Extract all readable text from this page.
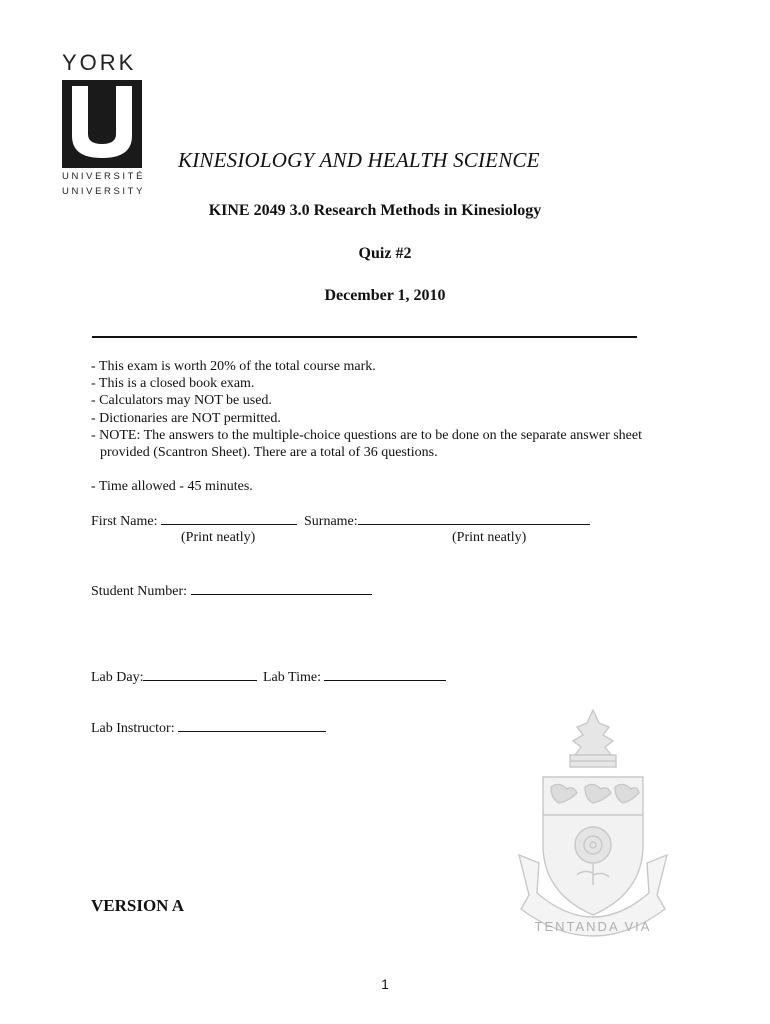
YORK
UNIVERSITÉ
UNIVERSITY
KINESIOLOGY AND HEALTH SCIENCE
KINE 2049 3.0 Research Methods in Kinesiology
Quiz #2
December 1, 2010
- This exam is worth 20% of the total course mark.
- This is a closed book exam.
- Calculators may NOT be used.
- Dictionaries are NOT permitted.
- NOTE: The answers to the multiple-choice questions are to be done on the separate answer sheet
provided (Scantron Sheet). There are a total of 36 questions.
- Time allowed - 45 minutes.
First Name:	Surname:
(Print neatly)	(Print neatly)
Student Number:
Lab Day:	Lab Time:
Lab Instructor:
TENTANDA VIA
VERSION A
1
